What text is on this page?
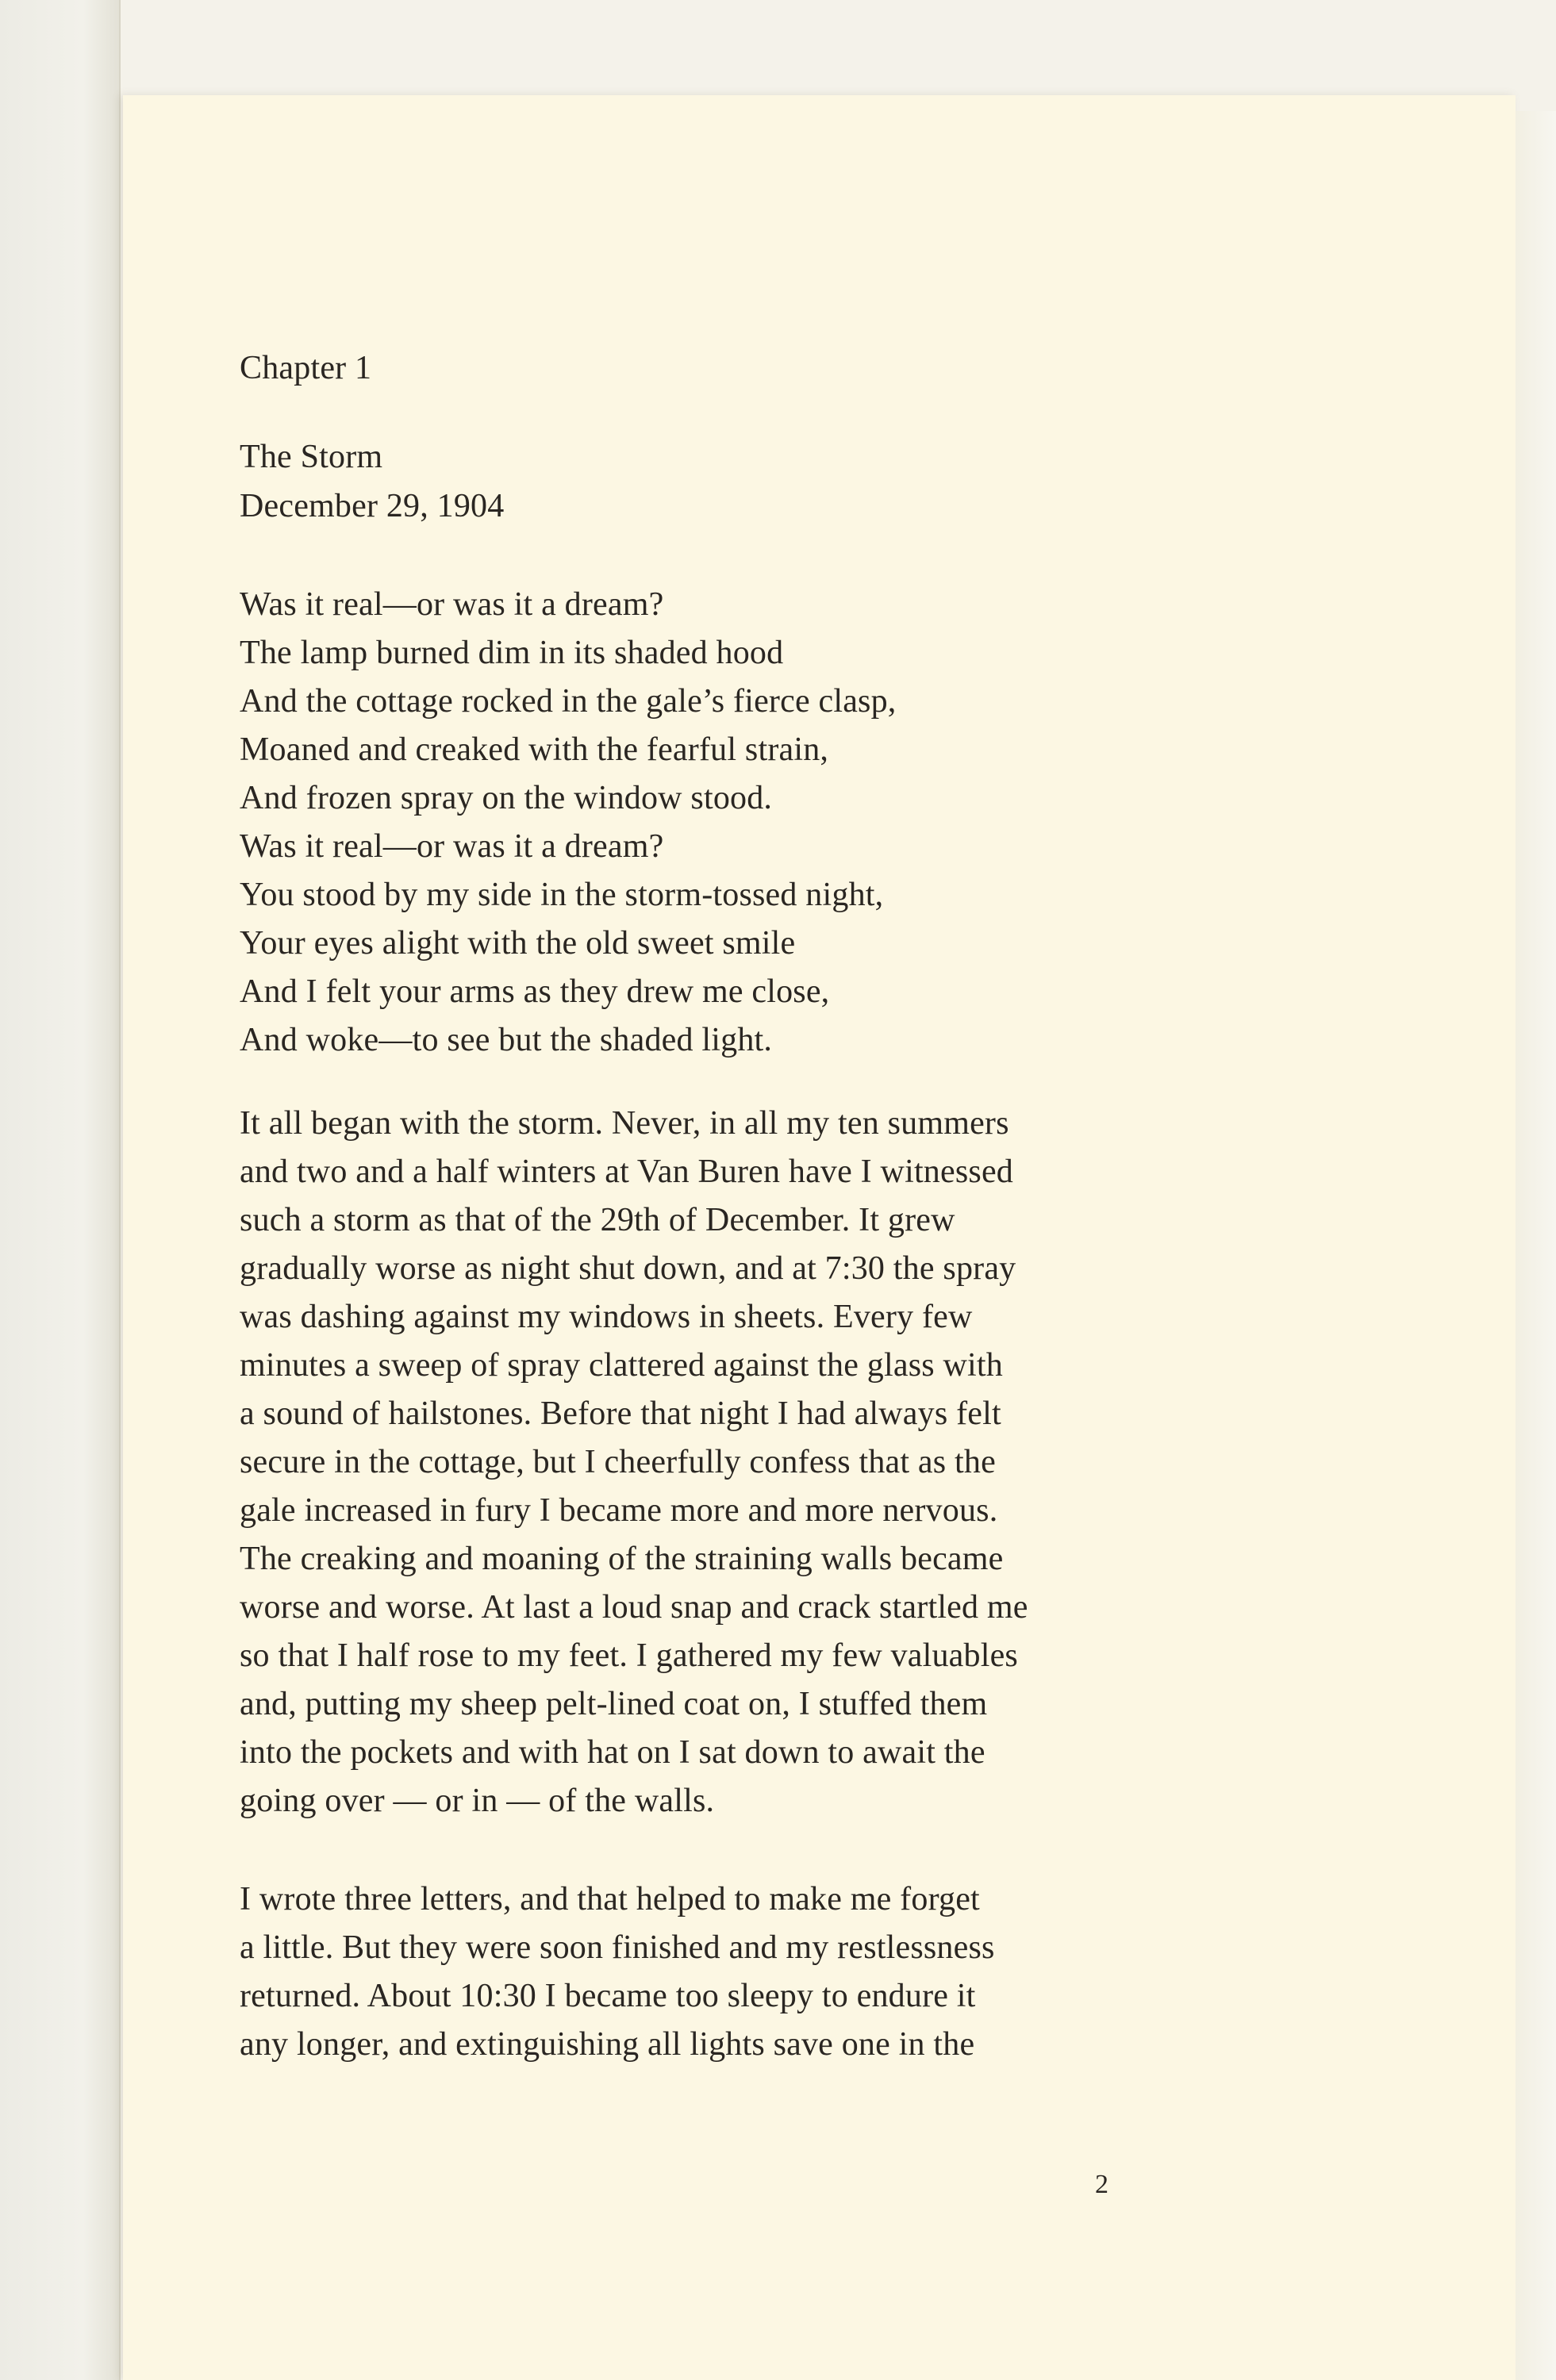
Chapter 1
The Storm
December 29, 1904
Was it real—or was it a dream?
The lamp burned dim in its shaded hood
And the cottage rocked in the gale’s fierce clasp,
Moaned and creaked with the fearful strain,
And frozen spray on the window stood.
Was it real—or was it a dream?
You stood by my side in the storm-tossed night,
Your eyes alight with the old sweet smile
And I felt your arms as they drew me close,
And woke—to see but the shaded light.
It all began with the storm. Never, in all my ten summers
and two and a half winters at Van Buren have I witnessed
such a storm as that of the 29th of December. It grew
gradually worse as night shut down, and at 7:30 the spray
was dashing against my windows in sheets. Every few
minutes a sweep of spray clattered against the glass with
a sound of hailstones. Before that night I had always felt
secure in the cottage, but I cheerfully confess that as the
gale increased in fury I became more and more nervous.
The creaking and moaning of the straining walls became
worse and worse. At last a loud snap and crack startled me
so that I half rose to my feet. I gathered my few valuables
and, putting my sheep pelt-lined coat on, I stuffed them
into the pockets and with hat on I sat down to await the
going over — or in — of the walls.
I wrote three letters, and that helped to make me forget
a little. But they were soon finished and my restlessness
returned. About 10:30 I became too sleepy to endure it
any longer, and extinguishing all lights save one in the
2
